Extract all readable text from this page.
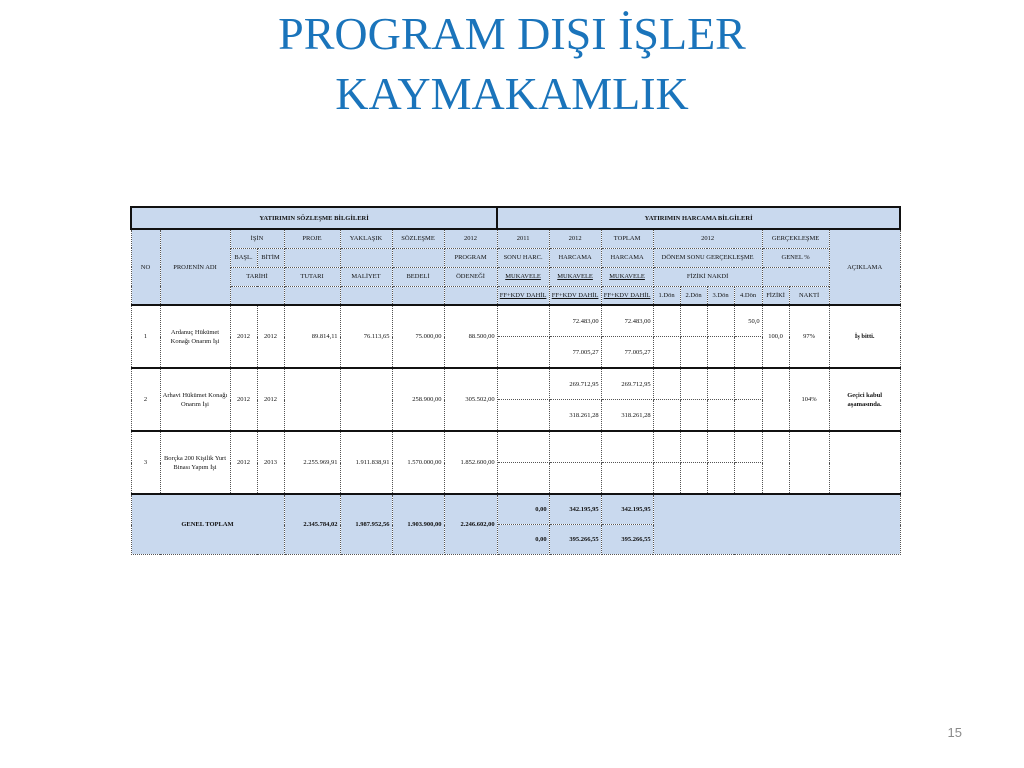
PROGRAM DIŞI İŞLER
KAYMAKAMLIK
YATIRIMIN SÖZLEŞME BİLGİLERİ								YATIRIMIN HARCAMA BİLGİLERİ									
NO	PROJENİN ADI	İŞİN		PROJE	YAKLAŞIK	SÖZLEŞME	2012	2011	2012	TOPLAM	2012				GERÇEKLEŞME		AÇIKLAMA
		BAŞL.	BİTİM				PROGRAM	SONU HARC.	HARCAMA	HARCAMA	DÖNEM SONU GERÇEKLEŞME				GENEL %		
		TARİHİ		TUTARI	MALİYET	BEDELİ	ÖDENEĞİ	MUKAVELE	MUKAVELE	MUKAVELE	FİZİKİ NAKDİ						
								FF+KDV DAHİL	FF+KDV DAHİL	FF+KDV DAHİL	1.Dön	2.Dön	3.Dön	4.Dön	FİZİKİ	NAKTİ	
1	Ardanuç Hükümet Konağı Onarım İşi	2012	2012	89.814,11	76.113,65	75.000,00	88.500,00		72.483,00	72.483,00				50,0	100,0	97%	İş bitti.
									77.005,27	77.005,27							
2	Arhavi Hükümet Konağı Onarım İşi	2012	2012			258.900,00	305.502,00		269.712,95	269.712,95						104%	Geçici kabul aşamasında.
									318.261,28	318.261,28							
3	Borçka 200 Kişilik Yurt Binası Yapım İşi	2012	2013	2.255.969,91	1.911.838,91	1.570.000,00	1.852.600,00										

GENEL TOPLAM				2.345.784,02	1.987.952,56	1.903.900,00	2.246.602,00	0,00	342.195,95	342.195,95							
								0,00	395.266,55	395.266,55							
15
